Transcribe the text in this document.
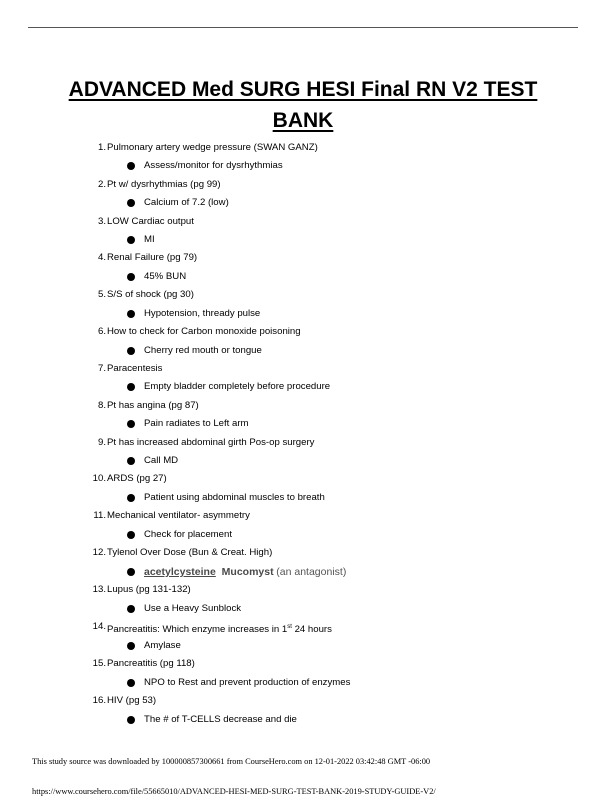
ADVANCED Med SURG HESI Final RN V2 TEST BANK
1. Pulmonary artery wedge pressure (SWAN GANZ)
Assess/monitor for dysrhythmias
2. Pt w/ dysrhythmias (pg 99)
Calcium of 7.2 (low)
3. LOW Cardiac output
MI
4. Renal Failure (pg 79)
45% BUN
5. S/S of shock (pg 30)
Hypotension, thready pulse
6. How to check for Carbon monoxide poisoning
Cherry red mouth or tongue
7. Paracentesis
Empty bladder completely before procedure
8. Pt has angina (pg 87)
Pain radiates to Left arm
9. Pt has increased abdominal girth Pos-op surgery
Call MD
10. ARDS (pg 27)
Patient using abdominal muscles to breath
11. Mechanical ventilator- asymmetry
Check for placement
12. Tylenol Over Dose (Bun & Creat. High)
acetylcysteine Mucomyst (an antagonist)
13. Lupus (pg 131-132)
Use a Heavy Sunblock
14. Pancreatitis: Which enzyme increases in 1st 24 hours
Amylase
15. Pancreatitis (pg 118)
NPO to Rest and prevent production of enzymes
16. HIV (pg 53)
The # of T-CELLS decrease and die
This study source was downloaded by 100000857300661 from CourseHero.com on 12-01-2022 03:42:48 GMT -06:00
https://www.coursehero.com/file/55665010/ADVANCED-HESI-MED-SURG-TEST-BANK-2019-STUDY-GUIDE-V2/
